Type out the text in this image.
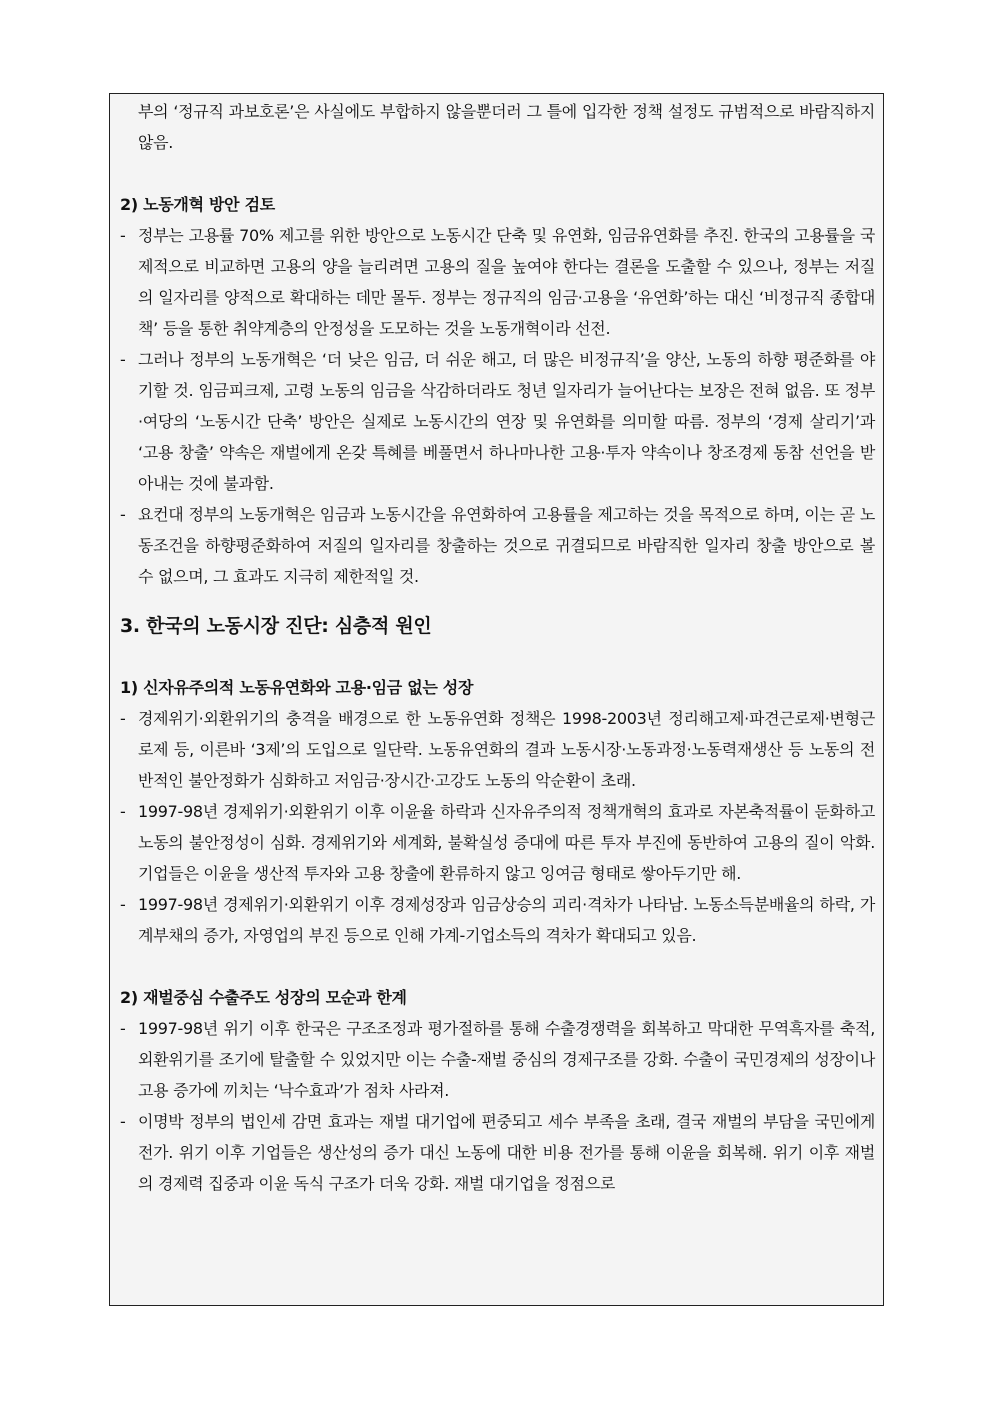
부의 ‘정규직 과보호론’은 사실에도 부합하지 않을뿐더러 그 틀에 입각한 정책 설정도 규범적으로 바람직하지 않음.
2) 노동개혁 방안 검토
- 정부는 고용률 70% 제고를 위한 방안으로 노동시간 단축 및 유연화, 임금유연화를 추진. 한국의 고용률을 국제적으로 비교하면 고용의 양을 늘리려면 고용의 질을 높여야 한다는 결론을 도출할 수 있으나, 정부는 저질의 일자리를 양적으로 확대하는 데만 몰두. 정부는 정규직의 임금·고용을 ‘유연화’하는 대신 ‘비정규직 종합대책’ 등을 통한 취약계층의 안정성을 도모하는 것을 노동개혁이라 선전.
- 그러나 정부의 노동개혁은 ‘더 낮은 임금, 더 쉬운 해고, 더 많은 비정규직’을 양산, 노동의 하향 평준화를 야기할 것. 임금피크제, 고령 노동의 임금을 삭감하더라도 청년 일자리가 늘어난다는 보장은 전혀 없음. 또 정부·여당의 ‘노동시간 단축’ 방안은 실제로 노동시간의 연장 및 유연화를 의미할 따름. 정부의 ‘경제 살리기’과 ‘고용 창출’ 약속은 재벌에게 온갖 특혜를 베풀면서 하나마나한 고용·투자 약속이나 창조경제 동참 선언을 받아내는 것에 불과함.
- 요컨대 정부의 노동개혁은 임금과 노동시간을 유연화하여 고용률을 제고하는 것을 목적으로 하며, 이는 곧 노동조건을 하향평준화하여 저질의 일자리를 창출하는 것으로 귀결되므로 바람직한 일자리 창출 방안으로 볼 수 없으며, 그 효과도 지극히 제한적일 것.
3. 한국의 노동시장 진단: 심층적 원인
1) 신자유주의적 노동유연화와 고용·임금 없는 성장
- 경제위기·외환위기의 충격을 배경으로 한 노동유연화 정책은 1998-2003년 정리해고제·파견근로제·변형근로제 등, 이른바 ‘3제’의 도입으로 일단락. 노동유연화의 결과 노동시장·노동과정·노동력재생산 등 노동의 전반적인 불안정화가 심화하고 저임금·장시간·고강도 노동의 악순환이 초래.
- 1997-98년 경제위기·외환위기 이후 이윤율 하락과 신자유주의적 정책개혁의 효과로 자본축적률이 둔화하고 노동의 불안정성이 심화. 경제위기와 세계화, 불확실성 증대에 따른 투자 부진에 동반하여 고용의 질이 악화. 기업들은 이윤을 생산적 투자와 고용 창출에 환류하지 않고 잉여금 형태로 쌓아두기만 해.
- 1997-98년 경제위기·외환위기 이후 경제성장과 임금상승의 괴리·격차가 나타남. 노동소득분배율의 하락, 가계부채의 증가, 자영업의 부진 등으로 인해 가계-기업소득의 격차가 확대되고 있음.
2) 재벌중심 수출주도 성장의 모순과 한계
- 1997-98년 위기 이후 한국은 구조조정과 평가절하를 통해 수출경쟁력을 회복하고 막대한 무역흑자를 축적, 외환위기를 조기에 탈출할 수 있었지만 이는 수출-재벌 중심의 경제구조를 강화. 수출이 국민경제의 성장이나 고용 증가에 끼치는 ‘낙수효과’가 점차 사라져.
- 이명박 정부의 법인세 감면 효과는 재벌 대기업에 편중되고 세수 부족을 초래, 결국 재벌의 부담을 국민에게 전가. 위기 이후 기업들은 생산성의 증가 대신 노동에 대한 비용 전가를 통해 이윤을 회복해. 위기 이후 재벌의 경제력 집중과 이윤 독식 구조가 더욱 강화. 재벌 대기업을 정점으로
